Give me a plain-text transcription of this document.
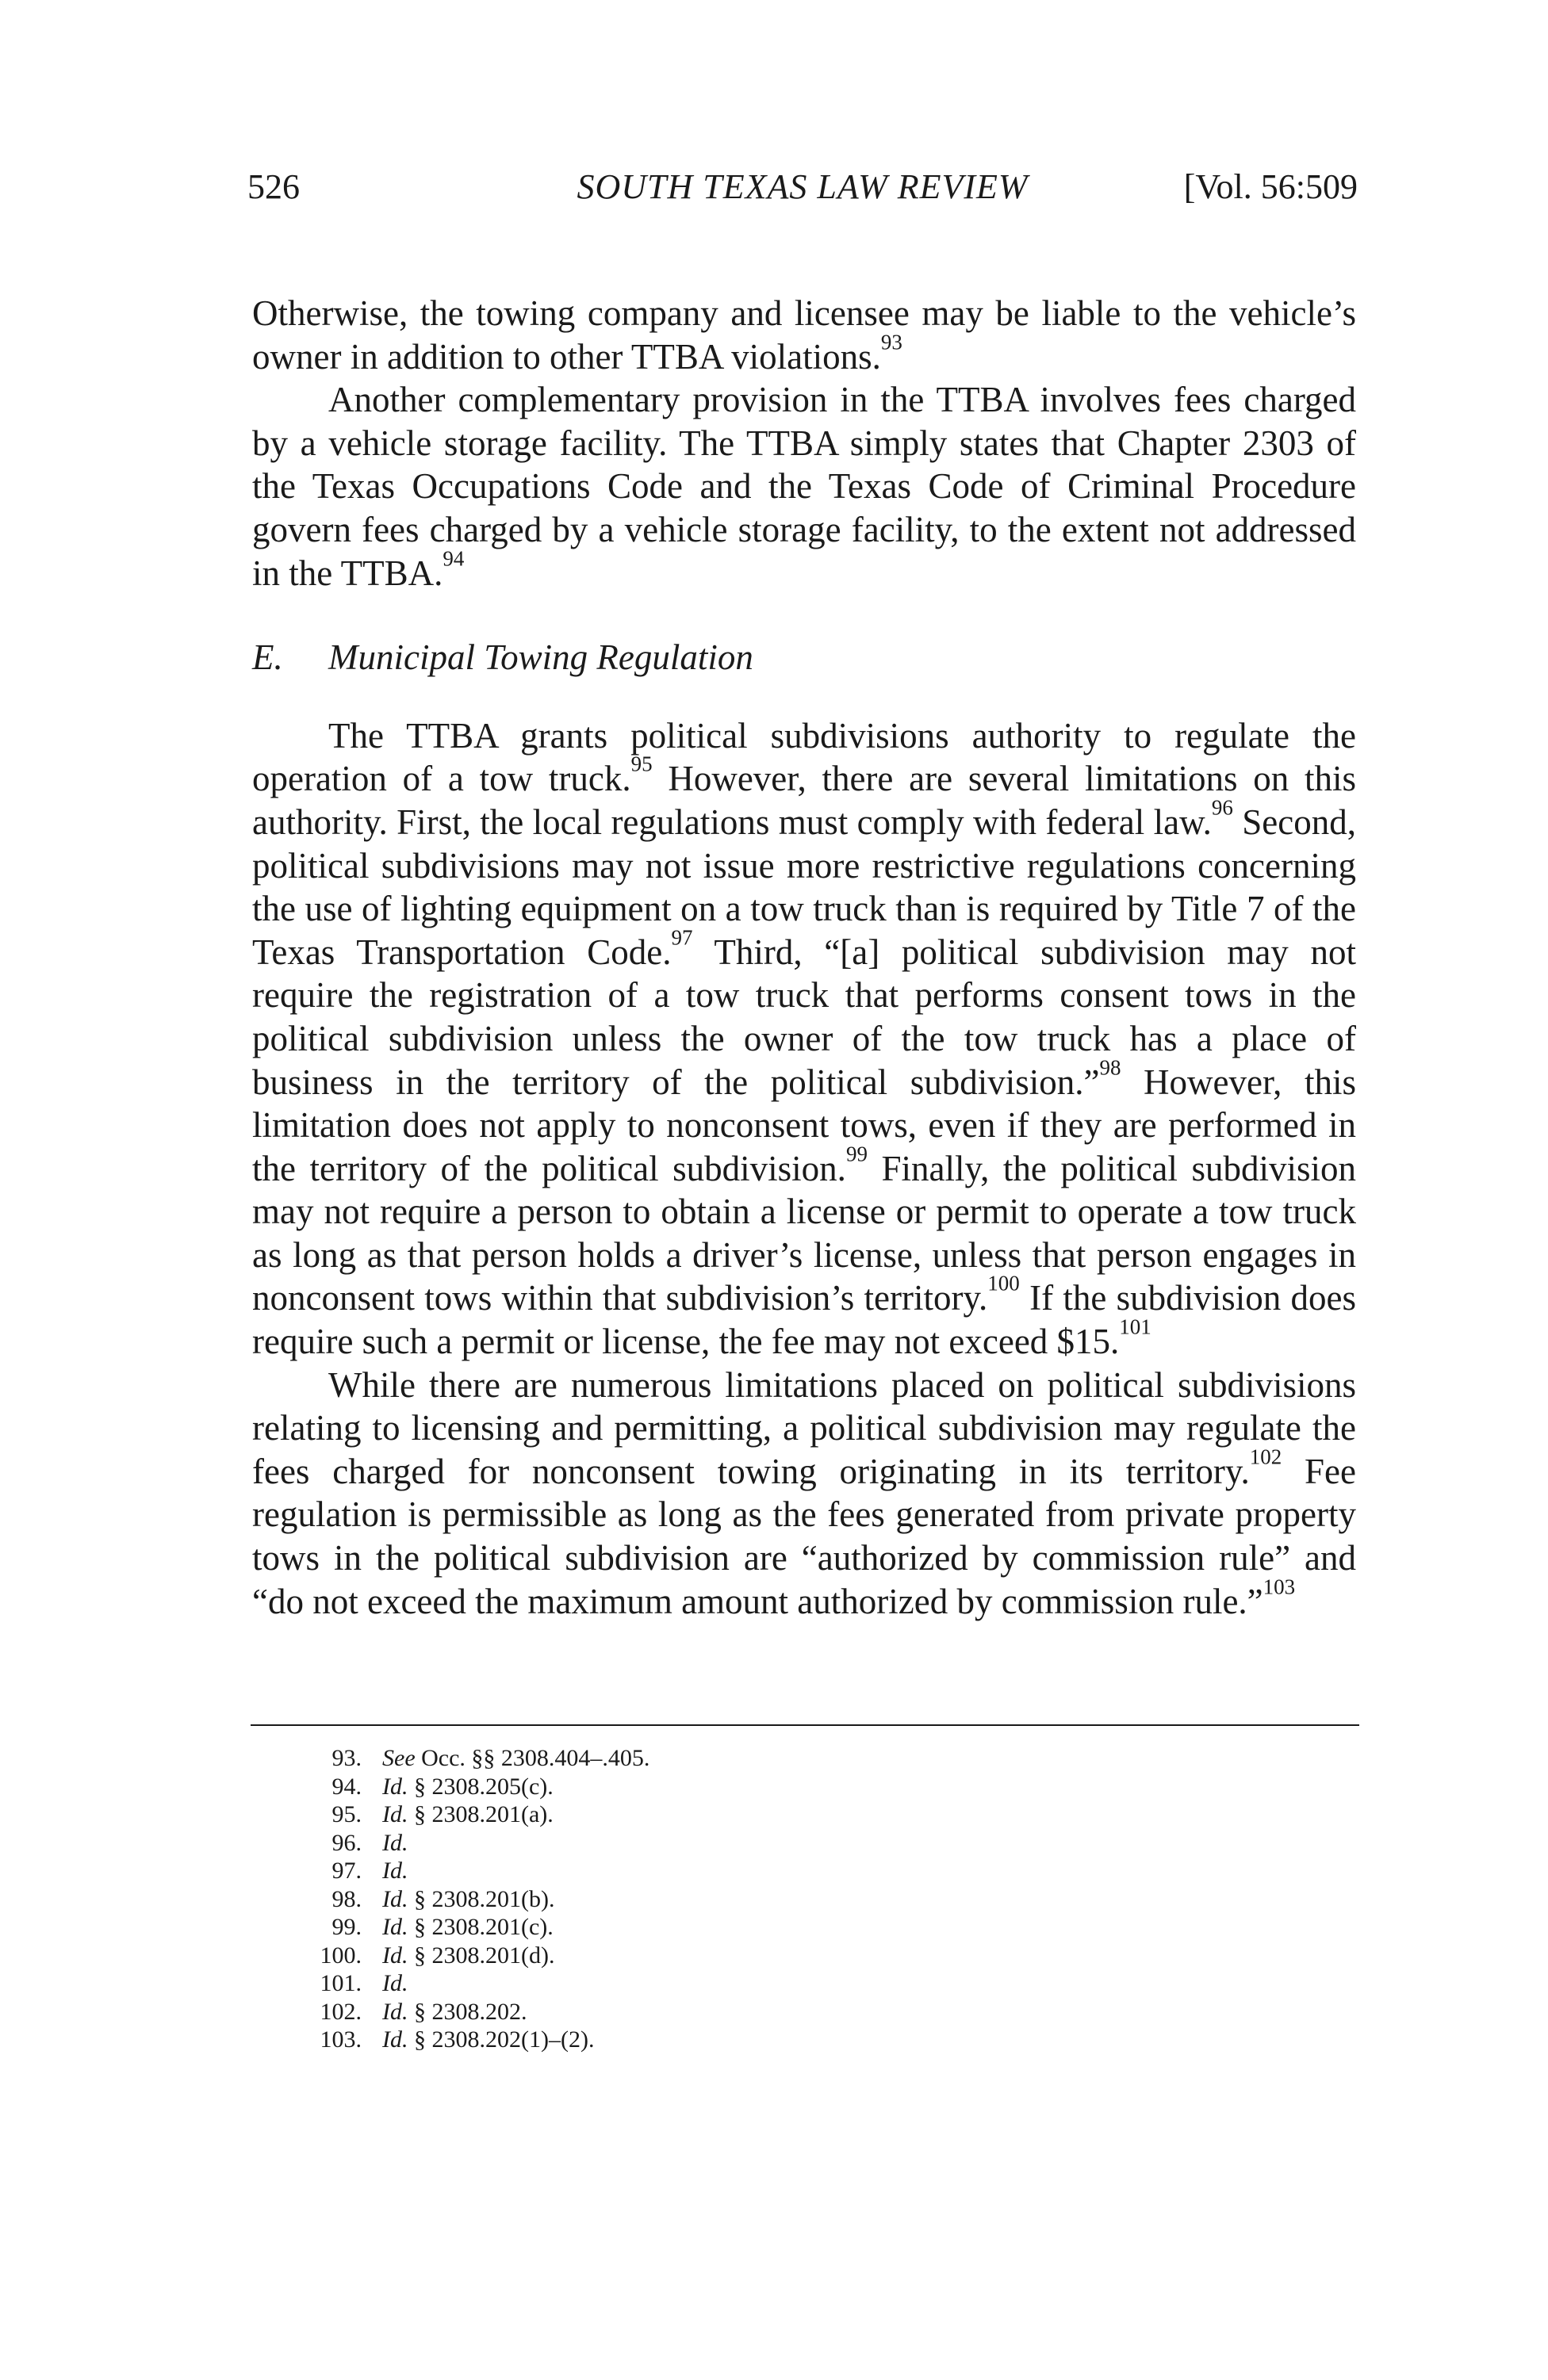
526	SOUTH TEXAS LAW REVIEW	[Vol. 56:509

Otherwise, the towing company and licensee may be liable to the vehicle’s owner in addition to other TTBA violations.$^{93}$

Another complementary provision in the TTBA involves fees charged by a vehicle storage facility. The TTBA simply states that Chapter 2303 of the Texas Occupations Code and the Texas Code of Criminal Procedure govern fees charged by a vehicle storage facility, to the extent not addressed in the TTBA.$^{94}$

E. Municipal Towing Regulation

The TTBA grants political subdivisions authority to regulate the operation of a tow truck.$^{95}$ However, there are several limitations on this authority. First, the local regulations must comply with federal law.$^{96}$ Second, political subdivisions may not issue more restrictive regulations concerning the use of lighting equipment on a tow truck than is required by Title 7 of the Texas Transportation Code.$^{97}$ Third, “[a] political subdivision may not require the registration of a tow truck that performs consent tows in the political subdivision unless the owner of the tow truck has a place of business in the territory of the political subdivision.”$^{98}$ However, this limitation does not apply to nonconsent tows, even if they are performed in the territory of the political subdivision.$^{99}$ Finally, the political subdivision may not require a person to obtain a license or permit to operate a tow truck as long as that person holds a driver’s license, unless that person engages in nonconsent tows within that subdivision’s territory.$^{100}$ If the subdivision does require such a permit or license, the fee may not exceed $15.$^{101}$

While there are numerous limitations placed on political subdivisions relating to licensing and permitting, a political subdivision may regulate the fees charged for nonconsent towing originating in its territory.$^{102}$ Fee regulation is permissible as long as the fees generated from private property tows in the political subdivision are “authorized by commission rule” and “do not exceed the maximum amount authorized by commission rule.”$^{103}$

93. See Occ. §§ 2308.404–.405.
94. Id. § 2308.205(c).
95. Id. § 2308.201(a).
96. Id.
97. Id.
98. Id. § 2308.201(b).
99. Id. § 2308.201(c).
100. Id. § 2308.201(d).
101. Id.
102. Id. § 2308.202.
103. Id. § 2308.202(1)–(2).
